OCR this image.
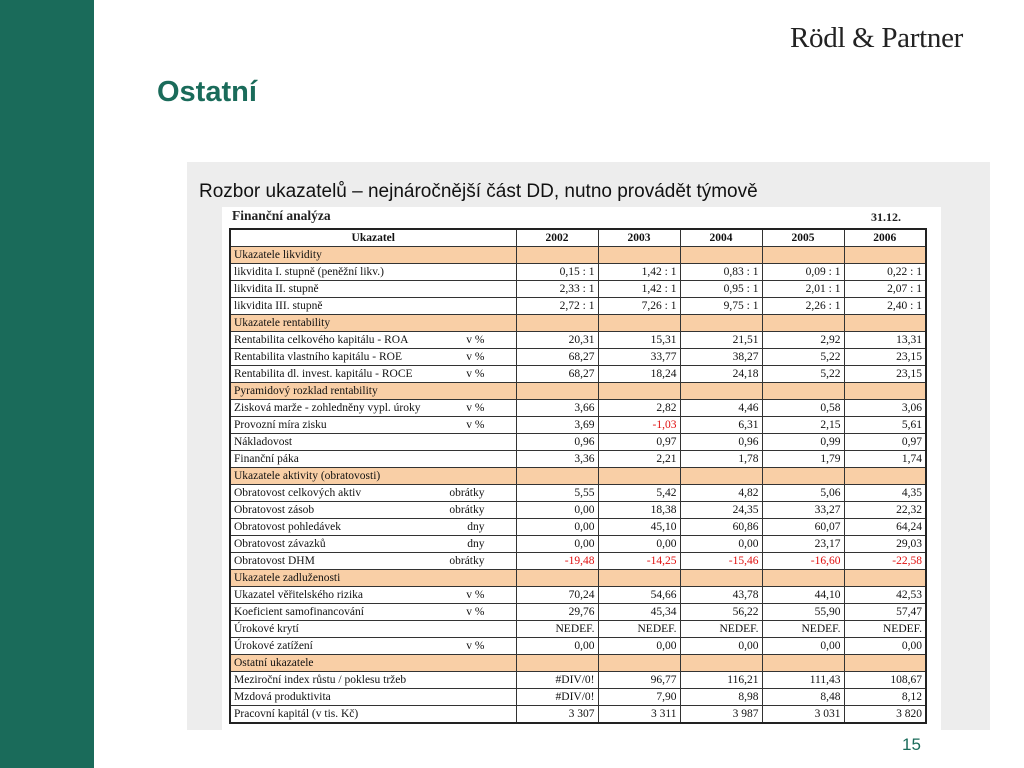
Rödl & Partner
Ostatní
Rozbor ukazatelů – nejnáročnější část DD, nutno provádět týmově
Finanční analýza	31.12.
Ukazatel	2002	2003	2004	2005	2006
Ukazatele likvidity					

likvidita I. stupně (peněžní likv.)	0,15 : 1	1,42 : 1	0,83 : 1	0,09 : 1	0,22 : 1

likvidita II. stupně	2,33 : 1	1,42 : 1	0,95 : 1	2,01 : 1	2,07 : 1

likvidita III. stupně	2,72 : 1	7,26 : 1	9,75 : 1	2,26 : 1	2,40 : 1
Ukazatele rentability					

Rentabilita celkového kapitálu - ROA v %	20,31	15,31	21,51	2,92	13,31

Rentabilita vlastního kapitálu - ROE v %	68,27	33,77	38,27	5,22	23,15

Rentabilita dl. invest. kapitálu - ROCE v %	68,27	18,24	24,18	5,22	23,15
Pyramidový rozklad rentability					

Zisková marže - zohledněny vypl. úroky v %	3,66	2,82	4,46	0,58	3,06

Provozní míra zisku v %	3,69	-1,03	6,31	2,15	5,61

Nákladovost	0,96	0,97	0,96	0,99	0,97

Finanční páka	3,36	2,21	1,78	1,79	1,74
Ukazatele aktivity (obratovosti)					

Obratovost celkových aktiv obrátky	5,55	5,42	4,82	5,06	4,35

Obratovost zásob obrátky	0,00	18,38	24,35	33,27	22,32

Obratovost pohledávek dny	0,00	45,10	60,86	60,07	64,24

Obratovost závazků dny	0,00	0,00	0,00	23,17	29,03

Obratovost DHM obrátky	-19,48	-14,25	-15,46	-16,60	-22,58
Ukazatele zadluženosti					

Ukazatel věřitelského rizika v %	70,24	54,66	43,78	44,10	42,53

Koeficient samofinancování v %	29,76	45,34	56,22	55,90	57,47

Úrokové krytí	NEDEF.	NEDEF.	NEDEF.	NEDEF.	NEDEF.

Úrokové zatížení v %	0,00	0,00	0,00	0,00	0,00
Ostatní ukazatele					

Meziroční index růstu / poklesu tržeb	#DIV/0!	96,77	116,21	111,43	108,67

Mzdová produktivita	#DIV/0!	7,90	8,98	8,48	8,12

Pracovní kapitál (v tis. Kč)	3 307	3 311	3 987	3 031	3 820
15
